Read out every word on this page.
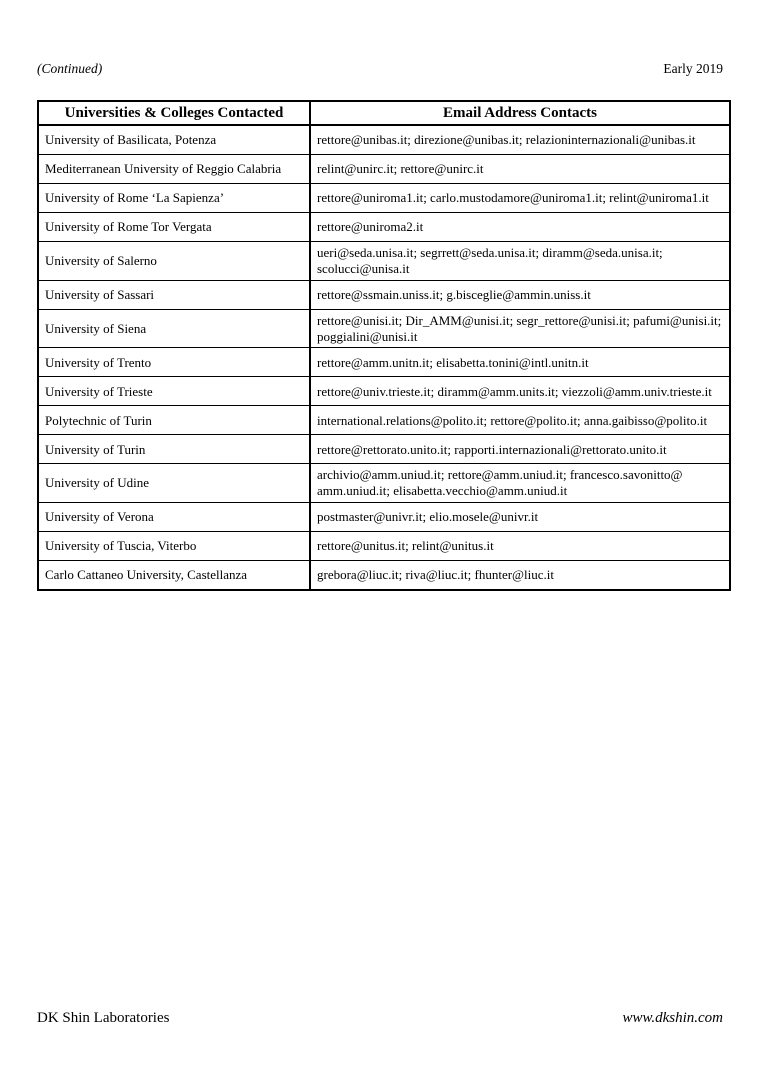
(Continued)	Early 2019
Universities & Colleges Contacted	Email Address Contacts
University of Basilicata, Potenza	rettore@unibas.it; direzione@unibas.it; relazioninternazionali@unibas.it
Mediterranean University of Reggio Calabria	relint@unirc.it; rettore@unirc.it
University of Rome ‘La Sapienza’	rettore@uniroma1.it; carlo.mustodamore@uniroma1.it; relint@uniroma1.it
University of Rome Tor Vergata	rettore@uniroma2.it
University of Salerno	ueri@seda.unisa.it; segrrett@seda.unisa.it; diramm@seda.unisa.it; scolucci@unisa.it
University of Sassari	rettore@ssmain.uniss.it; g.bisceglie@ammin.uniss.it
University of Siena	rettore@unisi.it; Dir_AMM@unisi.it; segr_rettore@unisi.it; pafumi@unisi.it; poggialini@unisi.it
University of Trento	rettore@amm.unitn.it; elisabetta.tonini@intl.unitn.it
University of Trieste	rettore@univ.trieste.it; diramm@amm.units.it; viezzoli@amm.univ.trieste.it
Polytechnic of Turin	international.relations@polito.it; rettore@polito.it; anna.gaibisso@polito.it
University of Turin	rettore@rettorato.unito.it; rapporti.internazionali@rettorato.unito.it
University of Udine	archivio@amm.uniud.it; rettore@amm.uniud.it; francesco.savonitto@ amm.uniud.it; elisabetta.vecchio@amm.uniud.it
University of Verona	postmaster@univr.it; elio.mosele@univr.it
University of Tuscia, Viterbo	rettore@unitus.it; relint@unitus.it
Carlo Cattaneo University, Castellanza	grebora@liuc.it; riva@liuc.it; fhunter@liuc.it
DK Shin Laboratories	www.dkshin.com
